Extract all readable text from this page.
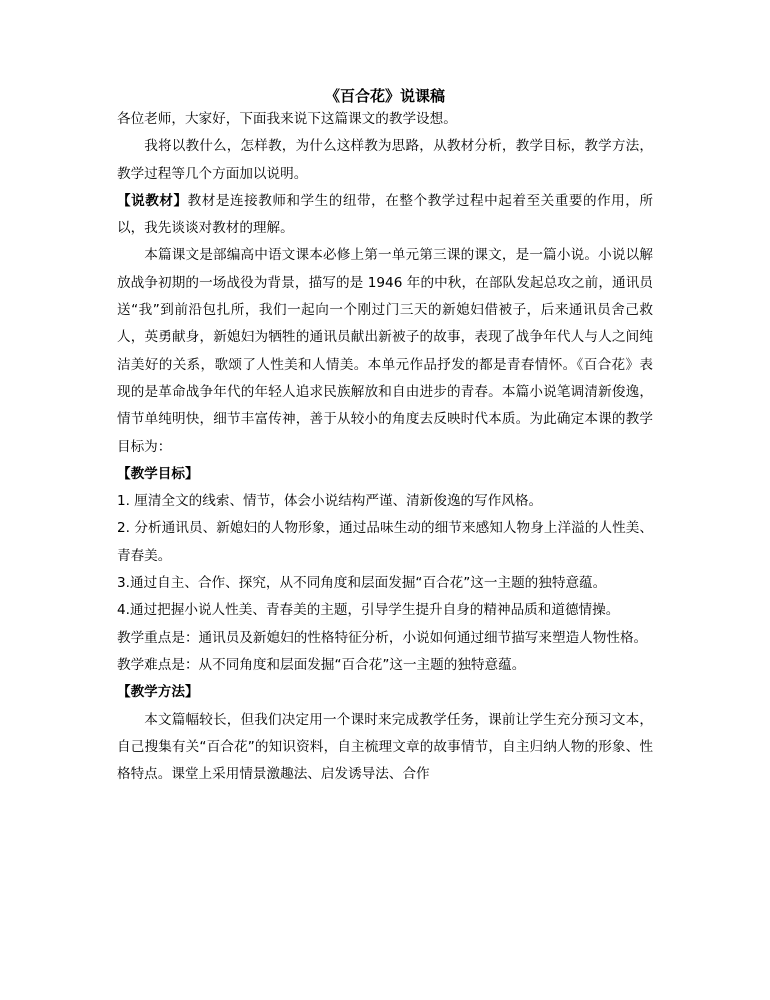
《百合花》说课稿

各位老师，大家好，下面我来说下这篇课文的教学设想。

我将以教什么，怎样教，为什么这样教为思路，从教材分析，教学目标，教学方法，教学过程等几个方面加以说明。

【说教材】教材是连接教师和学生的纽带，在整个教学过程中起着至关重要的作用，所以，我先谈谈对教材的理解。

本篇课文是部编高中语文课本必修上第一单元第三课的课文，是一篇小说。小说以解放战争初期的一场战役为背景，描写的是 1946 年的中秋，在部队发起总攻之前，通讯员送“我”到前沿包扎所，我们一起向一个刚过门三天的新媳妇借被子，后来通讯员舍己救人，英勇献身，新媳妇为牺牲的通讯员献出新被子的故事，表现了战争年代人与人之间纯洁美好的关系，歌颂了人性美和人情美。本单元作品抒发的都是青春情怀。《百合花》表现的是革命战争年代的年轻人追求民族解放和自由进步的青春。本篇小说笔调清新俊逸，情节单纯明快，细节丰富传神，善于从较小的角度去反映时代本质。为此确定本课的教学目标为：

【教学目标】

1. 厘清全文的线索、情节，体会小说结构严谨、清新俊逸的写作风格。

2. 分析通讯员、新媳妇的人物形象，通过品味生动的细节来感知人物身上洋溢的人性美、青春美。

3.通过自主、合作、探究，从不同角度和层面发掘“百合花”这一主题的独特意蕴。

4.通过把握小说人性美、青春美的主题，引导学生提升自身的精神品质和道德情操。

教学重点是：通讯员及新媳妇的性格特征分析，小说如何通过细节描写来塑造人物性格。

教学难点是：从不同角度和层面发掘“百合花”这一主题的独特意蕴。

【教学方法】

本文篇幅较长，但我们决定用一个课时来完成教学任务，课前让学生充分预习文本，自己搜集有关“百合花”的知识资料，自主梳理文章的故事情节，自主归纳人物的形象、性格特点。课堂上采用情景激趣法、启发诱导法、合作
